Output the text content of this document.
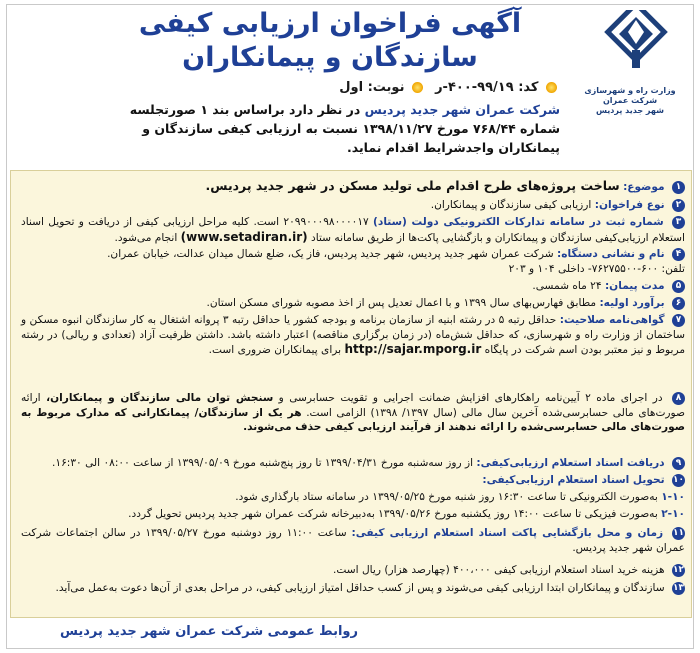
وزارت راه و شهرسازی
شرکت عمران
شهر جدید پردیس
آگهی فراخوان ارزیابی کیفی
سازندگان و پیمانکاران
کد: ۹۹/۱۹-۴۰۰-ر   نوبت: اول
شرکت عمران شهر جدید پردیس در نظر دارد براساس بند ۱ صورتجلسه شماره ۷۶۸/۴۴ مورخ ۱۳۹۸/۱۱/۲۷ نسبت به ارزیابی کیفی سازندگان و پیمانکاران واجدشرایط اقدام نماید.
۱ موضوع: ساخت پروژه‌های طرح اقدام ملی تولید مسکن در شهر جدید پردیس.
۲ نوع فراخوان: ارزیابی کیفی سازندگان و پیمانکاران.
۳ شماره ثبت در سامانه تدارکات الکترونیکی دولت (ستاد) ۲۰۹۹۰۰۰۹۸۰۰۰۰۱۷ است. کلیه مراحل ارزیابی کیفی از دریافت و تحویل اسناد استعلام ارزیابی‌کیفی سازندگان و پیمانکاران و بازگشایی پاکت‌ها از طریق سامانه ستاد (www.setadiran.ir) انجام می‌شود.
۴ نام و نشانی دستگاه: شرکت عمران شهر جدید پردیس، شهر جدید پردیس، فاز یک، ضلع شمال میدان عدالت، خیابان عمران.
تلفن: ۶۰۰-۷۶۲۷۵۵۰۰- داخلی ۱۰۴ و ۲۰۳
۵ مدت پیمان: ۲۴ ماه شمسی.
۶ برآورد اولیه: مطابق فهارس‌بهای سال ۱۳۹۹ و با اعمال تعدیل پس از اخذ مصوبه شورای مسکن استان.
۷ گواهی‌نامه صلاحیت: حداقل رتبه ۵ در رشته ابنیه از سازمان برنامه و بودجه کشور یا حداقل رتبه ۳ پروانه اشتغال به کار سازندگان انبوه مسکن و ساختمان از وزارت راه و شهرسازی، که حداقل شش‌ماه (در زمان برگزاری مناقصه) اعتبار داشته باشد. داشتن ظرفیت آزاد (تعدادی و ریالی) در رشته مربوط و نیز معتبر بودن اسم شرکت در پایگاه http://sajar.mporg.ir برای پیمانکاران ضروری است.
۸ در اجرای ماده ۲ آیین‌نامه راهکارهای افزایش ضمانت اجرایی و تقویت حسابرسی و سنجش توان مالی سازندگان و پیمانکاران، ارائه صورت‌های مالی حسابرسی‌شده آخرین سال مالی (سال ۱۳۹۷/ ۱۳۹۸) الزامی است. هر یک از سازندگان/ پیمانکارانی که مدارک مربوط به صورت‌های مالی حسابرسی‌شده را ارائه ندهند از فرآیند ارزیابی کیفی حذف می‌شوند.
۹ دریافت اسناد استعلام ارزیابی‌کیفی: از روز سه‌شنبه مورخ ۱۳۹۹/۰۴/۳۱ تا روز پنج‌شنبه مورخ ۱۳۹۹/۰۵/۰۹ از ساعت ۰۸:۰۰ الی ۱۶:۳۰.
۱۰ تحویل اسناد استعلام ارزیابی‌کیفی:
۱-۱۰ به‌صورت الکترونیکی تا ساعت ۱۶:۳۰ روز شنبه مورخ ۱۳۹۹/۰۵/۲۵ در سامانه ستاد بارگذاری شود.
۲-۱۰ به‌صورت فیزیکی تا ساعت ۱۴:۰۰ روز یکشنبه مورخ ۱۳۹۹/۰۵/۲۶ به‌دبیرخانه شرکت عمران شهر جدید پردیس تحویل گردد.
۱۱ زمان و محل بازگشایی پاکت اسناد استعلام ارزیابی کیفی: ساعت ۱۱:۰۰ روز دوشنبه مورخ ۱۳۹۹/۰۵/۲۷ در سالن اجتماعات شرکت عمران شهر جدید پردیس.
۱۲ هزینه خرید اسناد استعلام ارزیابی کیفی ۴۰۰،۰۰۰ (چهارصد هزار) ریال است.
۱۳ سازندگان و پیمانکاران ابتدا ارزیابی کیفی می‌شوند و پس از کسب حداقل امتیاز ارزیابی کیفی، در مراحل بعدی از آن‌ها دعوت به‌عمل می‌آید.
روابط عمومی شرکت عمران شهر جدید پردیس
